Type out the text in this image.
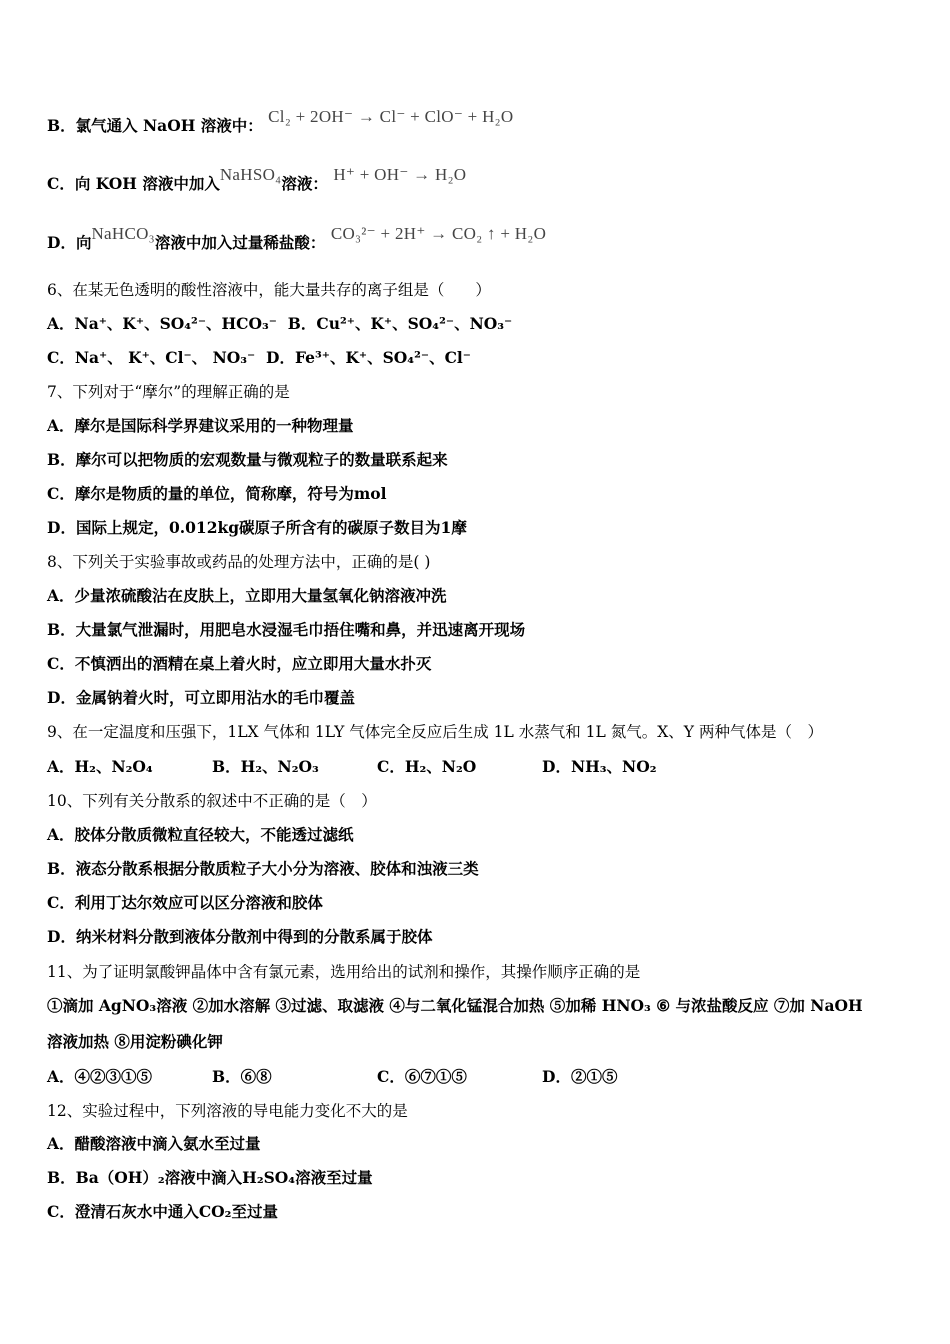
B．氯气通入 NaOH 溶液中： Cl₂ + 2OH⁻ → Cl⁻ + ClO⁻ + H₂O
C．向 KOH 溶液中加入NaHSO₄溶液： H⁺ + OH⁻ → H₂O
D．向NaHCO₃溶液中加入过量稀盐酸： CO₃²⁻ + 2H⁺ → CO₂ ↑ + H₂O
6、在某无色透明的酸性溶液中，能大量共存的离子组是（　　）
A．Na⁺、K⁺、SO₄²⁻、HCO₃⁻ B．Cu²⁺、K⁺、SO₄²⁻、NO₃⁻
C．Na⁺、 K⁺、Cl⁻、 NO₃⁻ D．Fe³⁺、K⁺、SO₄²⁻、Cl⁻
7、下列对于“摩尔”的理解正确的是
A．摩尔是国际科学界建议采用的一种物理量
B．摩尔可以把物质的宏观数量与微观粒子的数量联系起来
C．摩尔是物质的量的单位，简称摩，符号为mol
D．国际上规定，0.012kg碳原子所含有的碳原子数目为1摩
8、下列关于实验事故或药品的处理方法中，正确的是( )
A．少量浓硫酸沾在皮肤上，立即用大量氢氧化钠溶液冲洗
B．大量氯气泄漏时，用肥皂水浸湿毛巾捂住嘴和鼻，并迅速离开现场
C．不慎洒出的酒精在桌上着火时，应立即用大量水扑灭
D．金属钠着火时，可立即用沾水的毛巾覆盖
9、在一定温度和压强下，1LX 气体和 1LY 气体完全反应后生成 1L 水蒸气和 1L 氮气。X、Y 两种气体是（　）
A．H₂、N₂O₄	B．H₂、N₂O₃	C．H₂、N₂O	D．NH₃、NO₂
10、下列有关分散系的叙述中不正确的是（　）
A．胶体分散质微粒直径较大，不能透过滤纸
B．液态分散系根据分散质粒子大小分为溶液、胶体和浊液三类
C．利用丁达尔效应可以区分溶液和胶体
D．纳米材料分散到液体分散剂中得到的分散系属于胶体
11、为了证明氯酸钾晶体中含有氯元素，选用给出的试剂和操作，其操作顺序正确的是
①滴加 AgNO₃溶液 ②加水溶解 ③过滤、取滤液 ④与二氧化锰混合加热 ⑤加稀 HNO₃ ⑥ 与浓盐酸反应 ⑦加 NaOH
溶液加热 ⑧用淀粉碘化钾
A．④②③①⑤	B．⑥⑧	C．⑥⑦①⑤	D．②①⑤
12、实验过程中，下列溶液的导电能力变化不大的是
A．醋酸溶液中滴入氨水至过量
B．Ba（OH）₂溶液中滴入H₂SO₄溶液至过量
C．澄清石灰水中通入CO₂至过量
